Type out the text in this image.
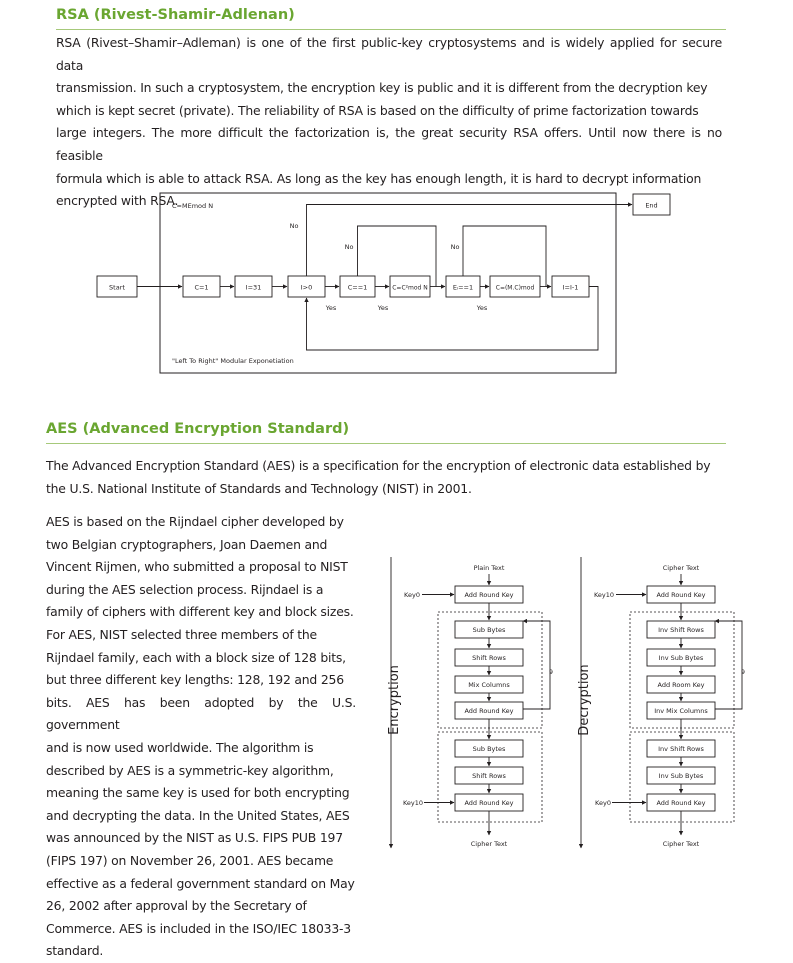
RSA (Rivest-Shamir-Adlenan)
RSA (Rivest–Shamir–Adleman) is one of the first public-key cryptosystems and is widely applied for secure data
transmission. In such a cryptosystem, the encryption key is public and it is different from the decryption key
which is kept secret (private). The reliability of RSA is based on the difficulty of prime factorization towards
large integers. The more difficult the factorization is, the great security RSA offers. Until now there is no feasible
formula which is able to attack RSA. As long as the key has enough length, it is hard to decrypt information
encrypted with RSA.
C=MEmod N
"Left To Right" Modular Exponetiation
Start	C=1	I=31	I>0	C==1	C=C²mod N	Eᵢ==1	C=(M.C)mod	I=I-1
End
No
No	No
Yes	Yes	Yes
AES (Advanced Encryption Standard)
The Advanced Encryption Standard (AES) is a specification for the encryption of electronic data established by
the U.S. National Institute of Standards and Technology (NIST) in 2001.
AES is based on the Rijndael cipher developed by
two Belgian cryptographers, Joan Daemen and
Vincent Rijmen, who submitted a proposal to NIST
during the AES selection process. Rijndael is a
family of ciphers with different key and block sizes.
For AES, NIST selected three members of the
Rijndael family, each with a block size of 128 bits,
but three different key lengths: 128, 192 and 256
bits. AES has been adopted by the U.S. government
and is now used worldwide. The algorithm is
described by AES is a symmetric-key algorithm,
meaning the same key is used for both encrypting
and decrypting the data. In the United States, AES
was announced by the NIST as U.S. FIPS PUB 197
(FIPS 197) on November 26, 2001. AES became
effective as a federal government standard on May
26, 2002 after approval by the Secretary of
Commerce. AES is included in the ISO/IEC 18033-3
standard.
Encryption
Plain Text
Add Round Key
Key0
9
Sub Bytes
Shift Rows
Mix Columns
Add Round Key
Sub Bytes
Shift Rows
Add Round Key
Key10
Cipher Text
Decryption
Cipher Text
Add Round Key
Key10
9
Inv Shift Rows
Inv Sub Bytes
Add Room Key
Inv Mix Columns
Inv Shift Rows
Inv Sub Bytes
Add Round Key
Key0
Cipher Text
